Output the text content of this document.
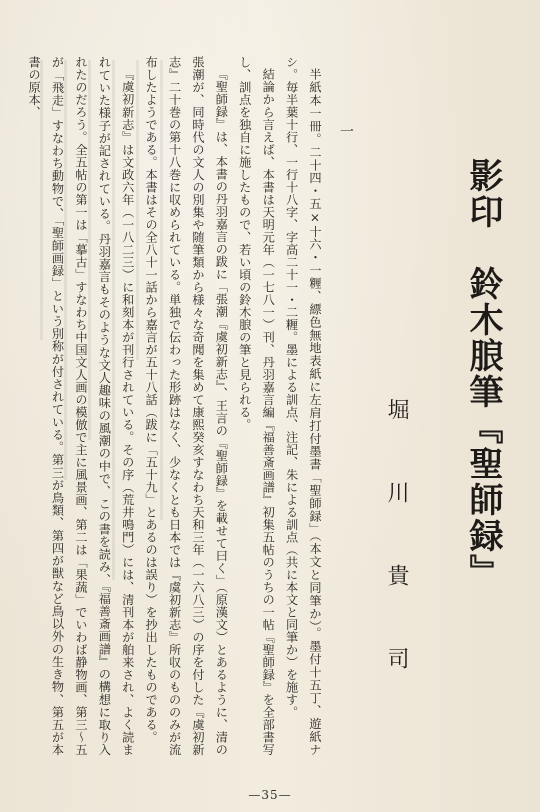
影印　鈴木朖筆『聖師録』
堀 川 貴 司
一

半紙本一冊。二十四・五×十六・一糎、縹色無地表紙に左肩打付墨書「聖師録」（本文と同筆か）。墨付十五丁、遊紙ナシ。毎半葉十行、一行十八字、字高二十一・二糎。墨による訓点、注記、朱による訓点（共に本文と同筆か）を施す。

結論から言えば、本書は天明元年（一七八一）刊、丹羽嘉言編『福善斎画譜』初集五帖のうちの一帖『聖師録』を全部書写し、訓点を独自に施したもので、若い頃の鈴木朖の筆と見られる。

『聖師録』は、本書の丹羽嘉言の跋に「張潮『虞初新志』、王言の『聖師録』を載せて曰く」（原漢文）とあるように、清の張潮が、同時代の文人の別集や随筆類から様々な奇聞を集めて康熙癸亥すなわち天和三年（一六八三）の序を付した『虞初新志』二十巻の第十八巻に収められている。単独で伝わった形跡はなく、少なくとも日本では『虞初新志』所収のもののみが流布したようである。本書はその全八十一話から嘉言が五十八話（跋に「五十九」とあるのは誤り）を抄出したものである。

『虞初新志』は文政六年（一八二三）に和刻本が刊行されている。その序（荒井鳴門）には、清刊本が舶来され、よく読まれていた様子が記されている。丹羽嘉言もそのような文人趣味の風潮の中で、この書を読み、『福善斎画譜』の構想に取り入れたのだろう。全五帖の第一は「摹古」すなわち中国文人画の模倣で主に風景画、第二は「果蔬」でいわば静物画、第三〜五が「飛走」すなわち動物で、「聖師画録」という別称が付されている。第三が鳥類、第四が獣など鳥以外の生き物、第五が本書の原本、

—35—
